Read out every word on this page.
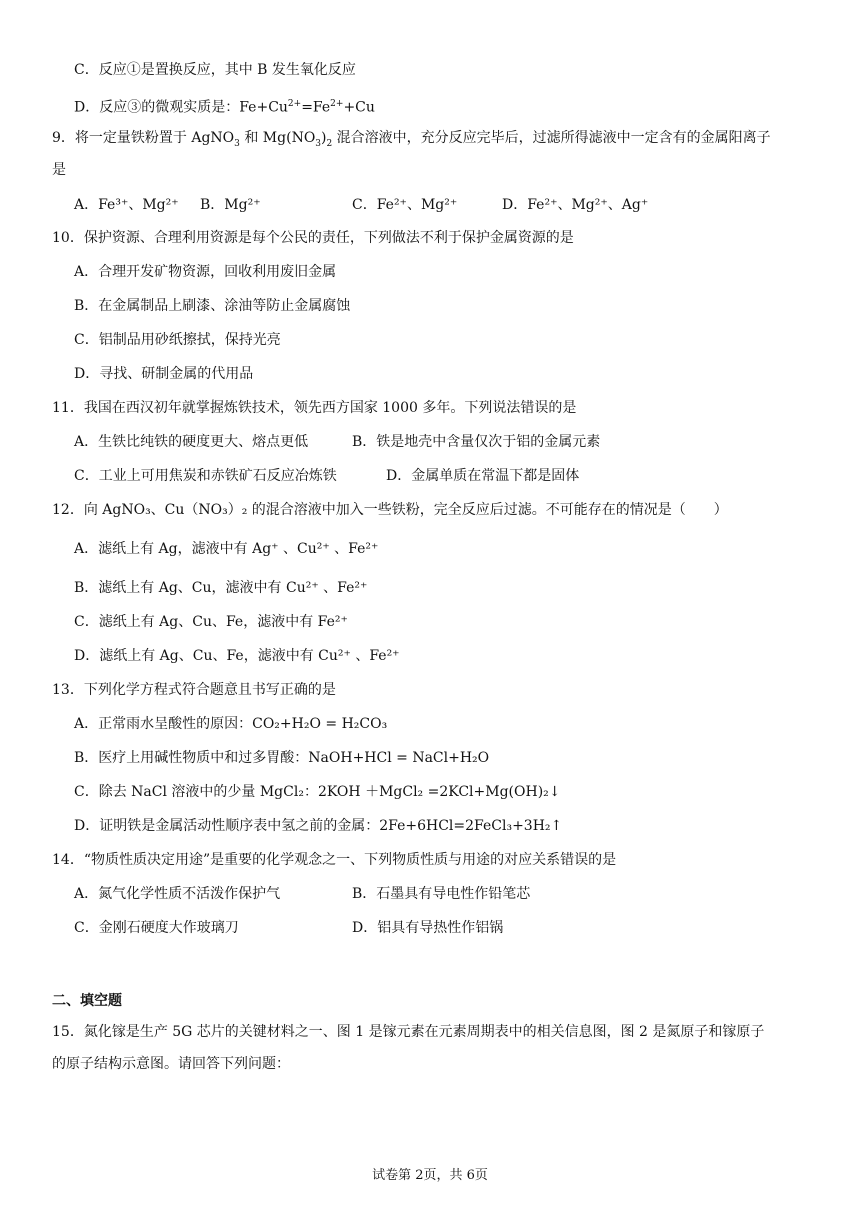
C．反应①是置换反应，其中 B 发生氧化反应
D．反应③的微观实质是：$Fe+Cu^{2+}=Fe^{2+}+Cu$
9．将一定量铁粉置于 AgNO$_3$ 和 $Mg(NO_3)_2$ 混合溶液中，充分反应完毕后，过滤所得滤液中一定含有的金属阳离子
是
A．Fe³⁺、Mg²⁺ B．Mg²⁺	C．Fe²⁺、Mg²⁺	D．Fe²⁺、Mg²⁺、Ag⁺
10．保护资源、合理利用资源是每个公民的责任，下列做法不利于保护金属资源的是
A．合理开发矿物资源，回收利用废旧金属
B．在金属制品上刷漆、涂油等防止金属腐蚀
C．铝制品用砂纸擦拭，保持光亮
D．寻找、研制金属的代用品
11．我国在西汉初年就掌握炼铁技术，领先西方国家 1000 多年。下列说法错误的是
A．生铁比纯铁的硬度更大、熔点更低	B．铁是地壳中含量仅次于铝的金属元素
C．工业上可用焦炭和赤铁矿石反应冶炼铁	D．金属单质在常温下都是固体
12．向 AgNO₃、Cu（NO₃）₂ 的混合溶液中加入一些铁粉，完全反应后过滤。不可能存在的情况是（　　）
A．滤纸上有 Ag，滤液中有 Ag⁺ 、Cu²⁺ 、Fe²⁺
B．滤纸上有 Ag、Cu，滤液中有 Cu²⁺ 、Fe²⁺
C．滤纸上有 Ag、Cu、Fe，滤液中有 Fe²⁺
D．滤纸上有 Ag、Cu、Fe，滤液中有 Cu²⁺ 、Fe²⁺
13．下列化学方程式符合题意且书写正确的是
A．正常雨水呈酸性的原因：CO₂+H₂O = H₂CO₃
B．医疗上用碱性物质中和过多胃酸：NaOH+HCl = NaCl+H₂O
C．除去 NaCl 溶液中的少量 MgCl₂：2KOH ＋MgCl₂ =2KCl+Mg(OH)₂↓
D．证明铁是金属活动性顺序表中氢之前的金属：2Fe+6HCl=2FeCl₃+3H₂↑
14．“物质性质决定用途”是重要的化学观念之一、下列物质性质与用途的对应关系错误的是
A．氮气化学性质不活泼作保护气	B．石墨具有导电性作铅笔芯
C．金刚石硬度大作玻璃刀	D．铝具有导热性作铝锅
二、填空题
15．氮化镓是生产 5G 芯片的关键材料之一、图 1 是镓元素在元素周期表中的相关信息图，图 2 是氮原子和镓原子
的原子结构示意图。请回答下列问题：
试卷第 2页，共 6页
